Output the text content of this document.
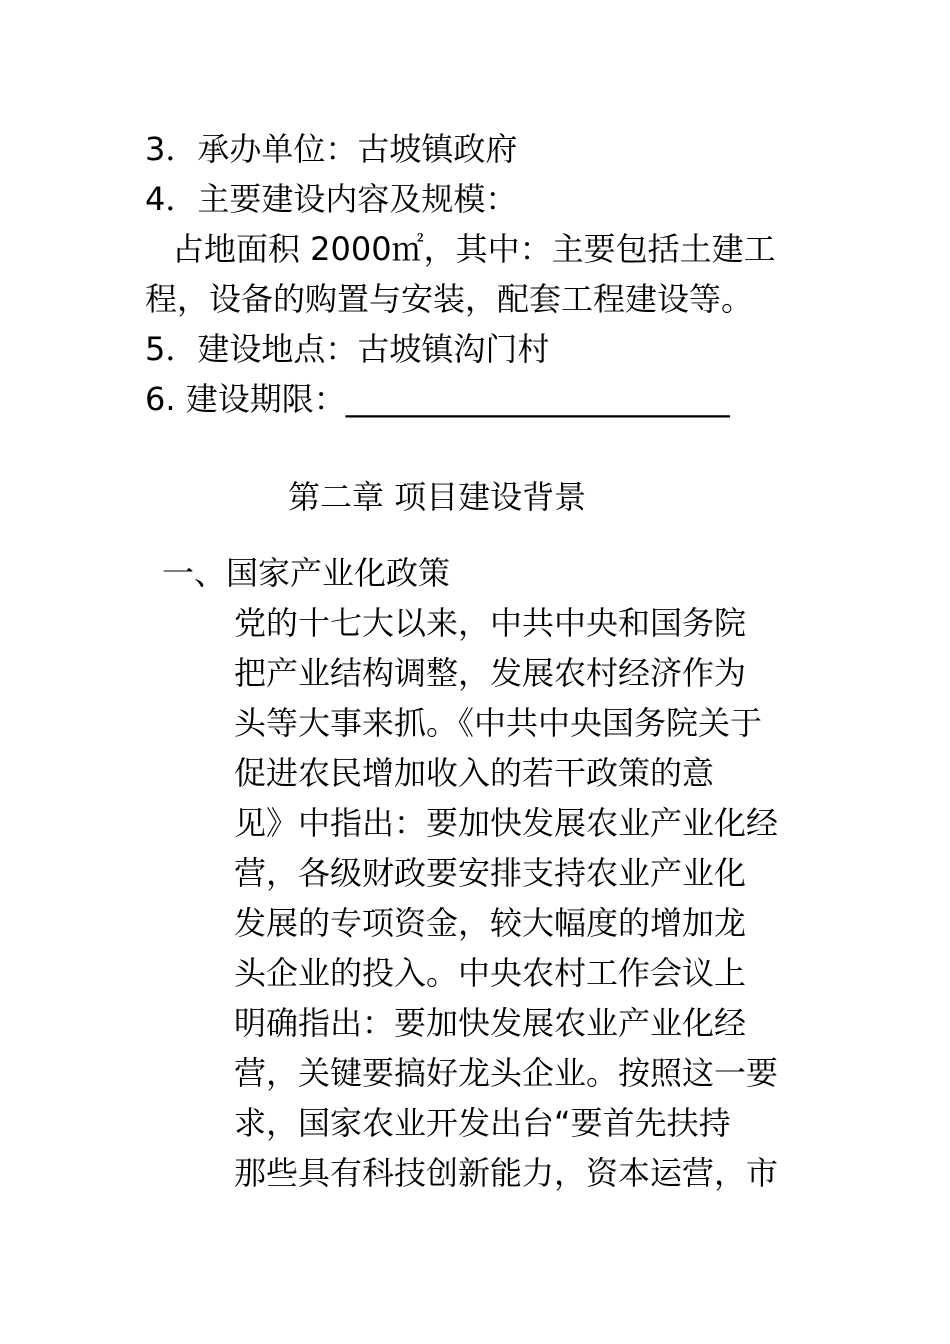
3．承办单位：古坡镇政府
4．主要建设内容及规模：
占地面积 2000㎡，其中：主要包括土建工
程，设备的购置与安装，配套工程建设等。
5．建设地点：古坡镇沟门村
6. 建设期限：________________________
第二章 项目建设背景
一、国家产业化政策
党的十七大以来，中共中央和国务院
把产业结构调整，发展农村经济作为
头等大事来抓。《中共中央国务院关于
促进农民增加收入的若干政策的意
见》中指出：要加快发展农业产业化经
营，各级财政要安排支持农业产业化
发展的专项资金，较大幅度的增加龙
头企业的投入。中央农村工作会议上
明确指出：要加快发展农业产业化经
营，关键要搞好龙头企业。按照这一要
求，国家农业开发出台“要首先扶持
那些具有科技创新能力，资本运营，市
